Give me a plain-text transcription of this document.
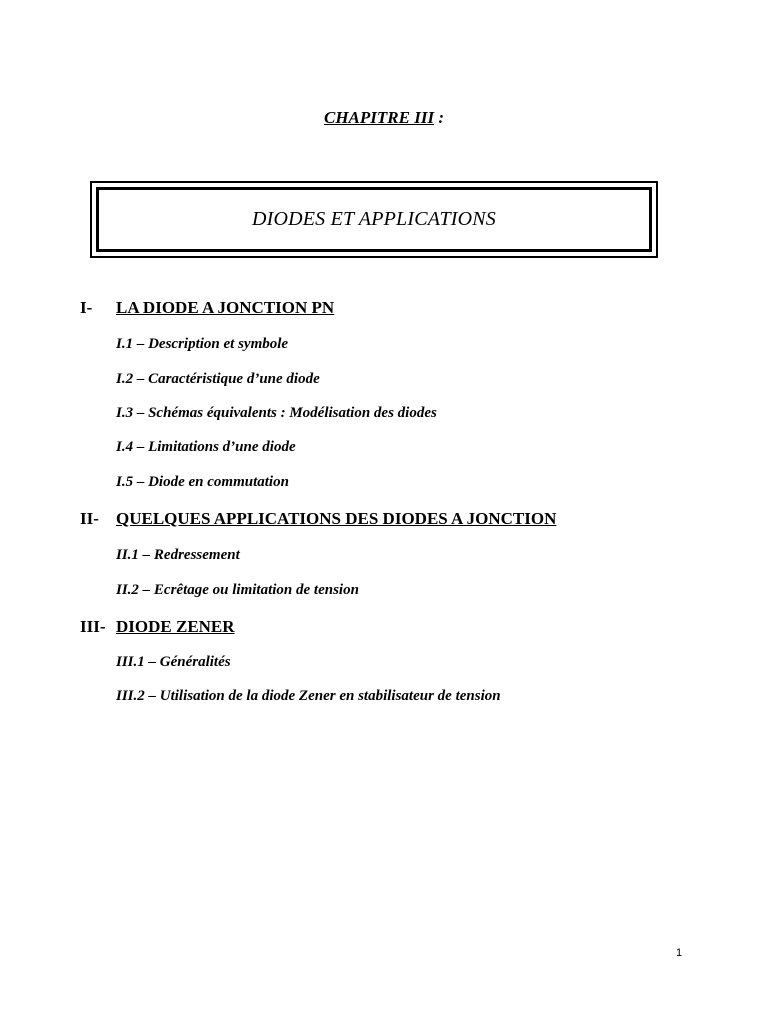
CHAPITRE III :
DIODES ET APPLICATIONS
I- LA DIODE A JONCTION PN
I.1 – Description et symbole
I.2 – Caractéristique d’une diode
I.3 – Schémas équivalents : Modélisation des diodes
I.4 – Limitations d’une diode
I.5 – Diode en commutation
II- QUELQUES APPLICATIONS DES DIODES A JONCTION
II.1 – Redressement
II.2 – Ecrêtage ou limitation de tension
III- DIODE ZENER
III.1 – Généralités
III.2 – Utilisation de la diode Zener en stabilisateur de tension
1
